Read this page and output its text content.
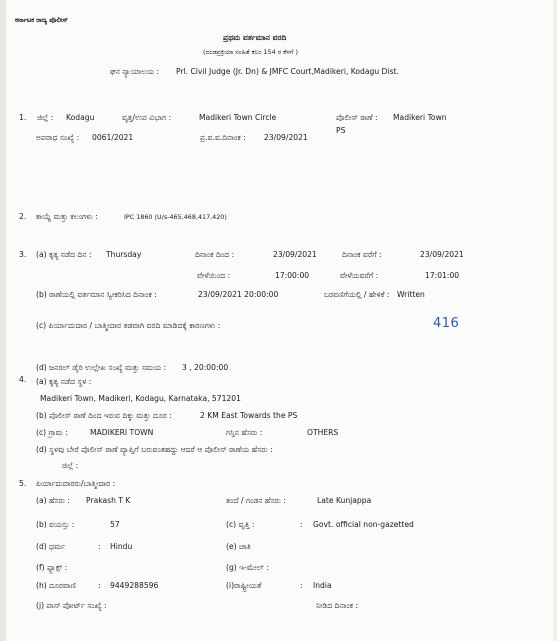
ಕರ್ನಾಟಕ ರಾಜ್ಯ ಪೊಲೀಸ್
ಪ್ರಥಮ ವರ್ತಮಾನ ವರದಿ
(ದಂಡಪ್ರಕ್ರಿಯಾ ಸಂಹಿತೆ ಕಲಂ 154 ರ ಕೆಳಗೆ )
ಘನ ನ್ಯಾಯಾಲಯ : Prl. Civil Judge (Jr. Dn) & JMFC Court,Madikeri, Kodagu Dist.
1. ಜಿಲ್ಲೆ : Kodagu	ವೃತ್ತ/ಉಪ ವಿಭಾಗ :	Madikeri Town Circle	ಪೊಲೀಸ್ ಠಾಣೆ : Madikeri Town
PS
ಅಪರಾಧ ಸಂಖ್ಯೆ : 0061/2021	ಪ್ರ.ವ.ವ.ದಿನಾಂಕ : 23/09/2021
2. ಕಾಯ್ದೆ ಮತ್ತು ಕಲಂಗಳು :	IPC 1860 (U/s-465,468,417,420)
3. (a) ಕೃತ್ಯ ನಡೆದ ದಿನ : Thursday	ದಿನಾಂಕ ದಿಂದ :	23/09/2021	ದಿನಾಂಕ ವರೆಗೆ :	23/09/2021
ವೇಳೆಯಿಂದ :	17:00:00	ವೇಳೆಯವರೆಗೆ :	17:01:00
(b) ಠಾಣೆಯಲ್ಲಿ ವರ್ತಮಾನ ಸ್ವೀಕರಿಸಿದ ದಿನಾಂಕ :	23/09/2021 20:00:00	ಬರವಣಿಗೆಯಲ್ಲಿ / ಹೇಳಿಕೆ : Written
(c) ಪಿರ್ಯಾದುದಾರ / ಬಾತ್ಮೀದಾರ ತಡವಾಗಿ ವರದಿ ಮಾಡಿದಕ್ಕೆ ಕಾರಣಗಳು :	416
(d) ಜನರಲ್ ಡೈರಿ ಉಲ್ಲೇಖ ಸಂಖ್ಯೆ ಮತ್ತು ಸಮಯ : 3 , 20:00:00
4. (a) ಕೃತ್ಯ ನಡೆದ ಸ್ಥಳ :
Madikeri Town, Madikeri, Kodagu, Karnataka, 571201
(b) ಪೊಲೀಸ್ ಠಾಣೆ ದಿಂದ ಇರುವ ದಿಕ್ಕು ಮತ್ತು ದೂರ :	2 KM East Towards the PS
(c) ಗ್ರಾಮ :	MADIKERI TOWN	ಗಸ್ತಿನ ಹೆಸರು :	OTHERS
(d) ಸ್ಥಳವು ಬೇರೆ ಪೊಲೀಸ್ ಠಾಣೆ ವ್ಯಾಪ್ತಿಗೆ ಬರುವಂತಹದ್ದು ಆದರೆ ಆ ಪೊಲೀಸ್ ಠಾಣೆಯ ಹೆಸರು :
ಜಿಲ್ಲೆ :
5. ಪಿರ್ಯಾದುದಾರರು/ಬಾತ್ಮೀದಾರ :
(a) ಹೆಸರು : Prakash T K	ತಂದೆ / ಗಂಡನ ಹೆಸರು :	Late Kunjappa
(b) ವಯಸ್ಸು :	57	(c) ವೃತ್ತಿ :	: Govt. official non-gazetted
(d) ಧರ್ಮ	: Hindu	(e) ಜಾತಿ
(f) ಫ್ಯಾಕ್ಸ್ :	(g) ಇ-ಮೇಲ್ :
(h) ದೂರವಾಣಿ	: 9449288596	(i)ರಾಷ್ಟ್ರೀಯತೆ	: India
(j) ಪಾಸ್ ಪೋರ್ಟ್ ಸಂಖ್ಯೆ :	ನೀಡಿದ ದಿನಾಂಕ :
